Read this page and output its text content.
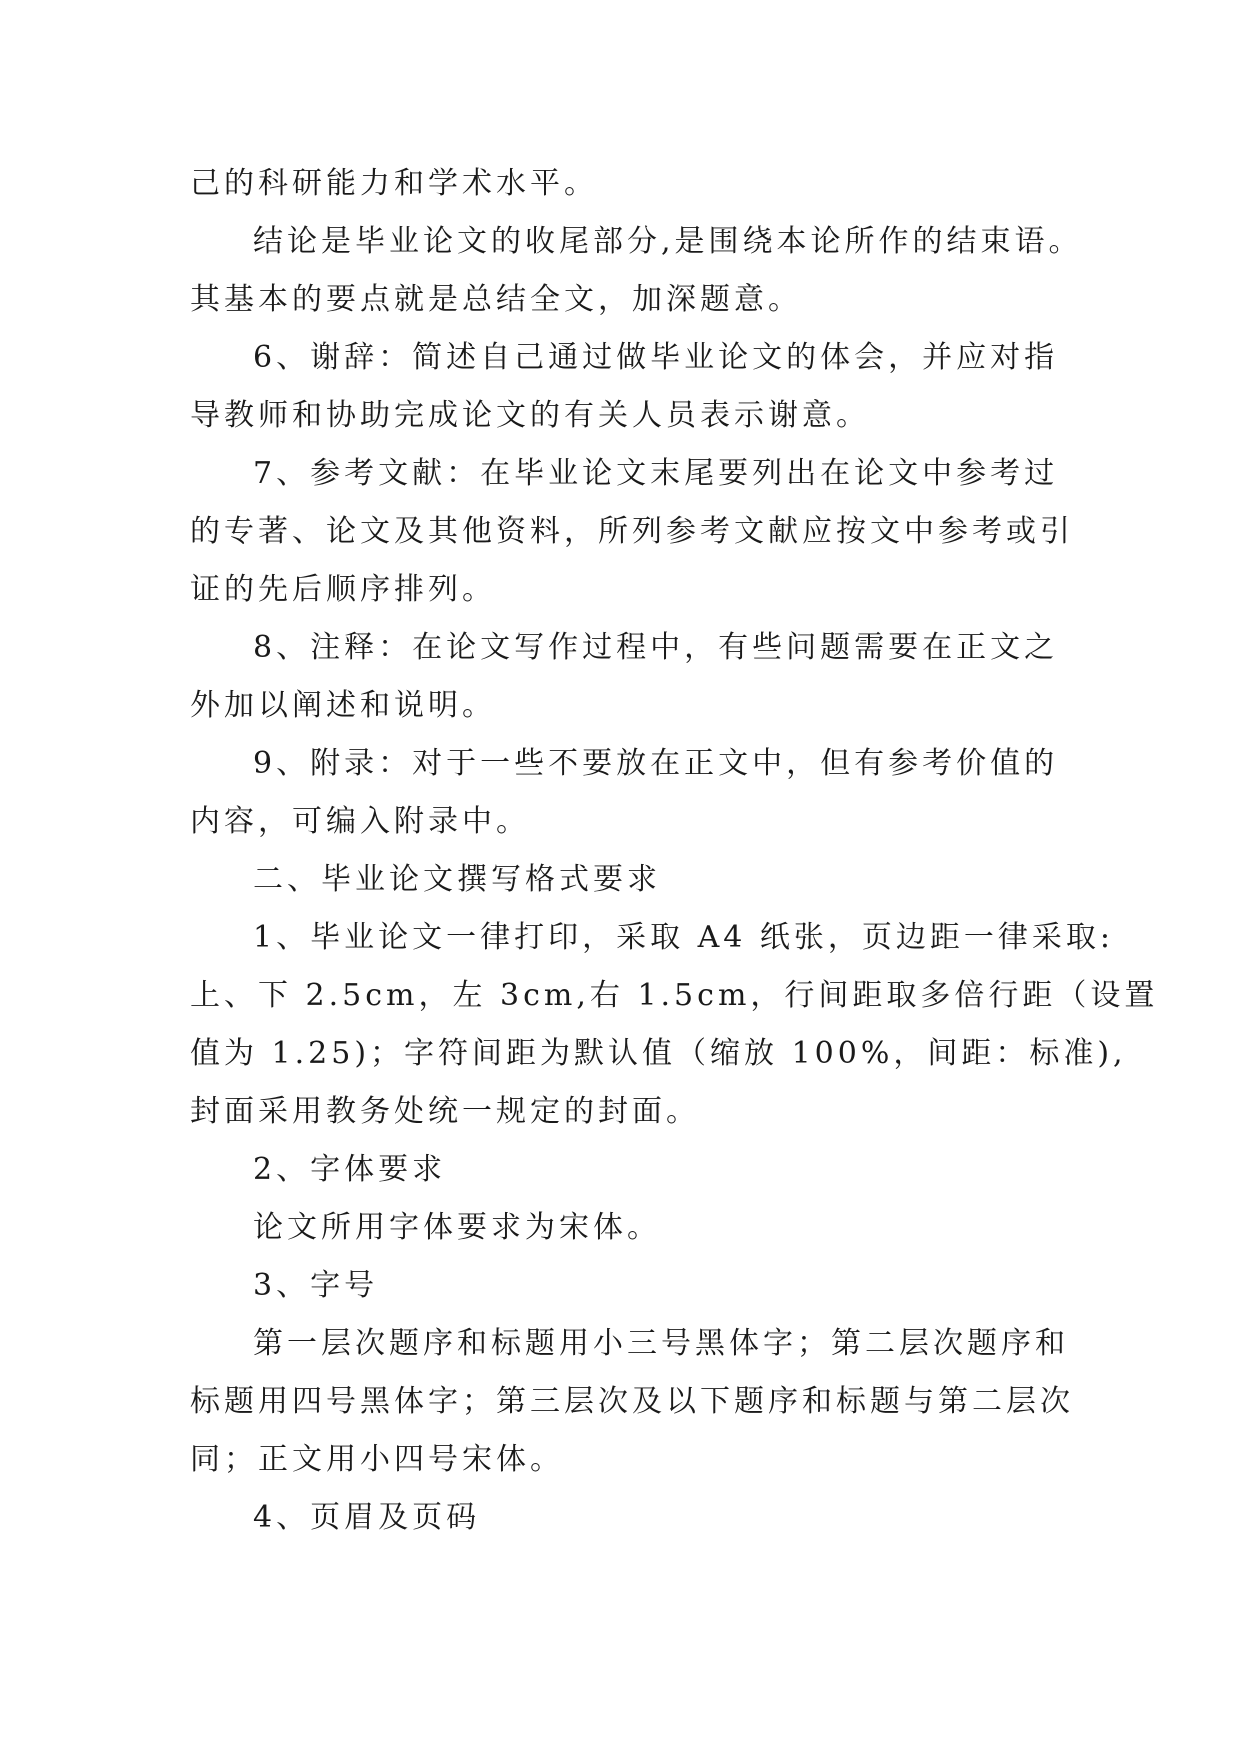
己的科研能力和学术水平。

结论是毕业论文的收尾部分,是围绕本论所作的结束语。

其基本的要点就是总结全文，加深题意。

6、谢辞：简述自己通过做毕业论文的体会，并应对指

导教师和协助完成论文的有关人员表示谢意。

7、参考文献：在毕业论文末尾要列出在论文中参考过

的专著、论文及其他资料，所列参考文献应按文中参考或引

证的先后顺序排列。

8、注释：在论文写作过程中，有些问题需要在正文之

外加以阐述和说明。

9、附录：对于一些不要放在正文中，但有参考价值的

内容，可编入附录中。

二、毕业论文撰写格式要求

1、毕业论文一律打印，采取 A4 纸张，页边距一律采取:

上、下 2.5cm，左 3cm,右 1.5cm，行间距取多倍行距（设置

值为 1.25)；字符间距为默认值（缩放 100%，间距：标准),

封面采用教务处统一规定的封面。

2、字体要求

论文所用字体要求为宋体。

3、字号

第一层次题序和标题用小三号黑体字；第二层次题序和

标题用四号黑体字；第三层次及以下题序和标题与第二层次

同；正文用小四号宋体。

4、页眉及页码
